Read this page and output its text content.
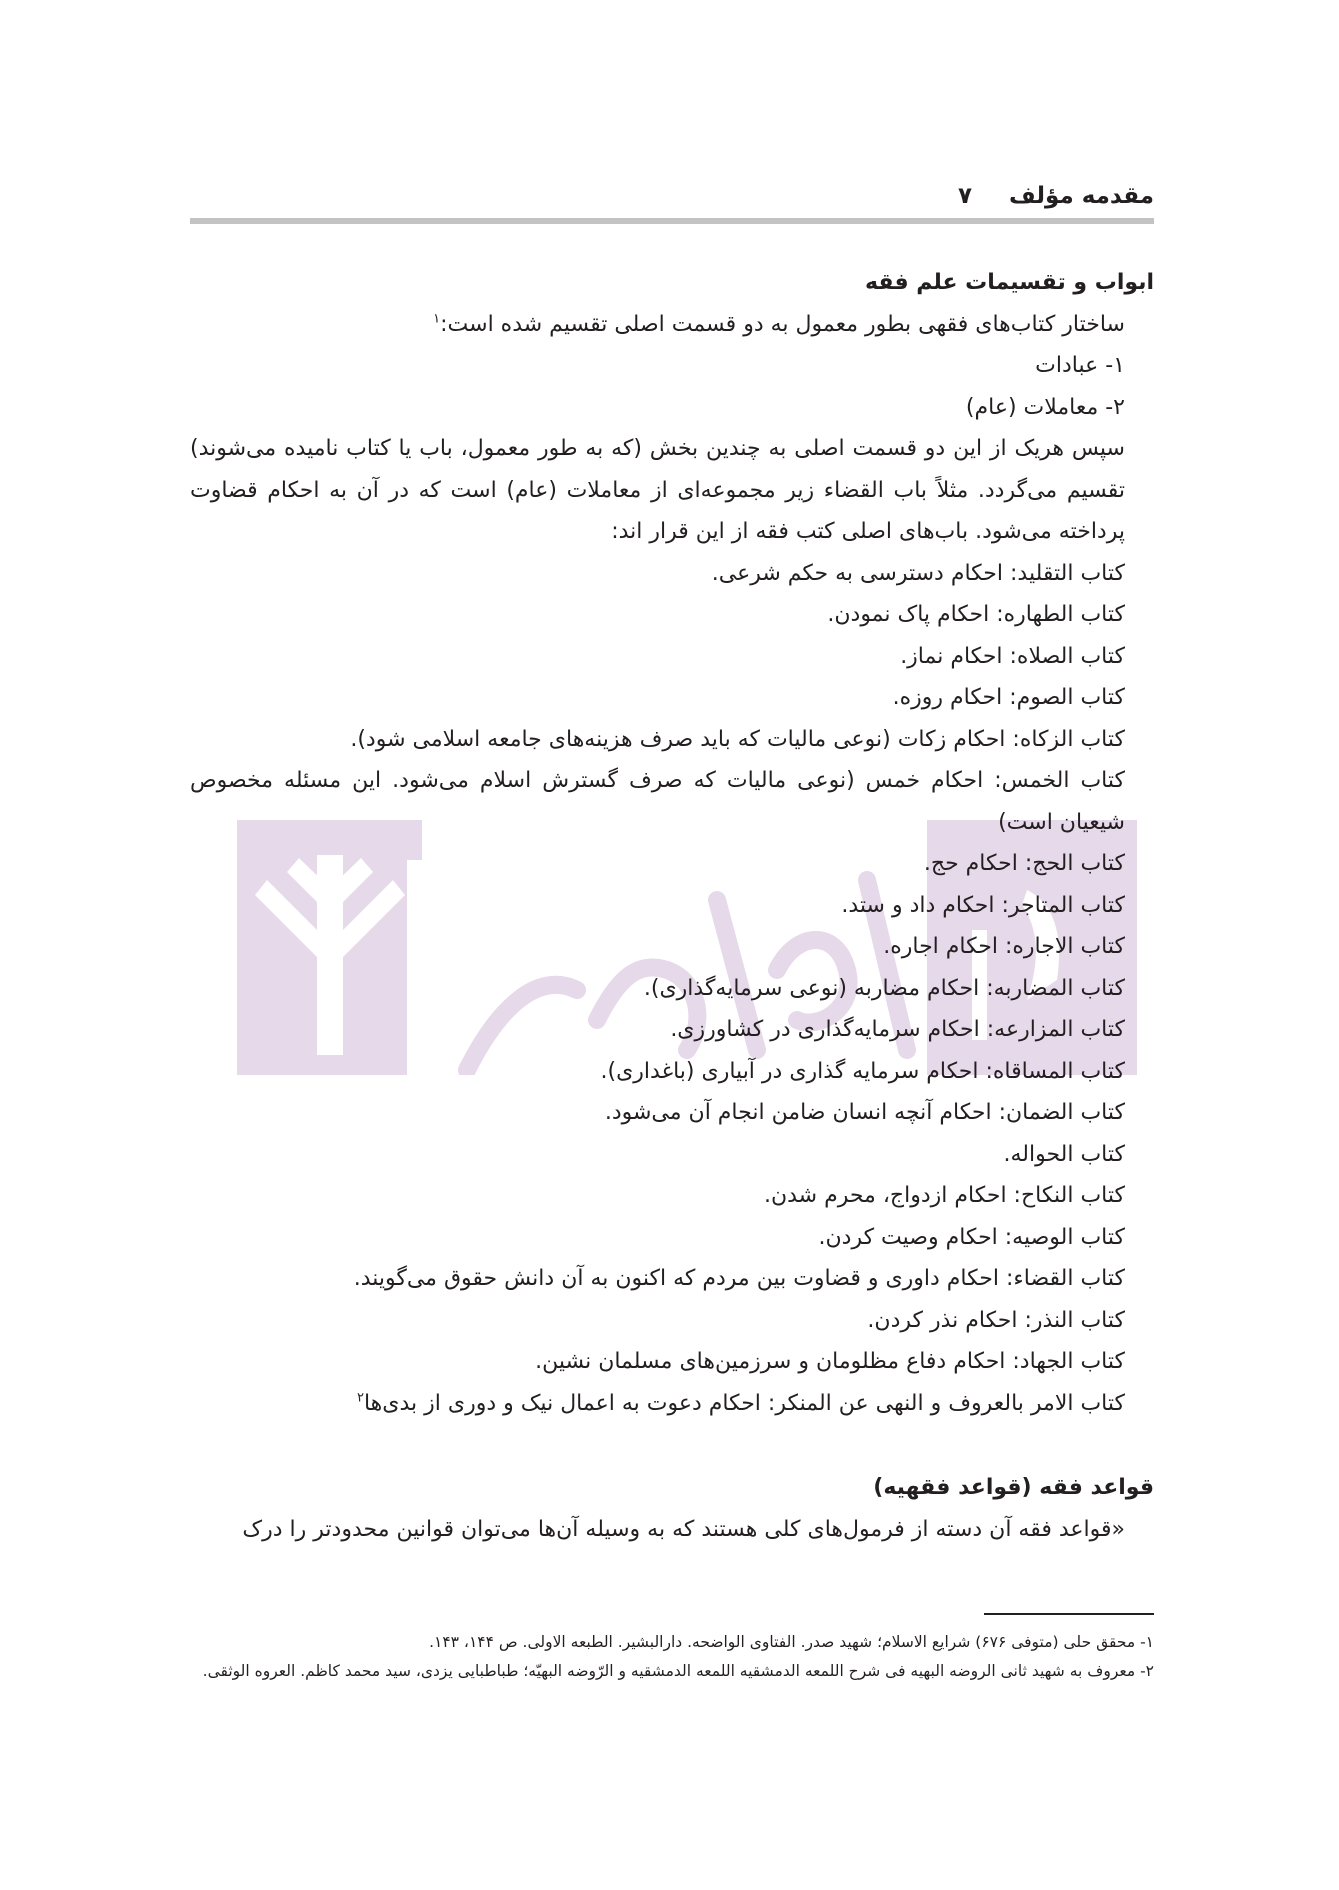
مقدمه مؤلف
۷

ابواب و تقسیمات علم فقه

ساختار کتاب‌های فقهی بطور معمول به دو قسمت اصلی تقسیم شده است:$^۱$

۱- عبادات

۲- معاملات (عام)

سپس هریک از این دو قسمت اصلی به چندین بخش (که به طور معمول، باب یا کتاب نامیده می‌شوند) تقسیم می‌گردد. مثلاً باب القضاء زیر مجموعه‌ای از معاملات (عام) است که در آن به احکام قضاوت پرداخته می‌شود. باب‌های اصلی کتب فقه از این قرار اند:

کتاب التقلید: احکام دسترسی به حکم شرعی.

کتاب الطهاره: احکام پاک نمودن.

کتاب الصلاه: احکام نماز.

کتاب الصوم: احکام روزه.

کتاب الزکاه: احکام زکات (نوعی مالیات که باید صرف هزینه‌های جامعه اسلامی شود).

کتاب الخمس: احکام خمس (نوعی مالیات که صرف گسترش اسلام می‌شود. این مسئله مخصوص شیعیان است)

کتاب الحج: احکام حج.

کتاب المتاجر: احکام داد و ستد.

کتاب الاجاره: احکام اجاره.

کتاب المضاربه: احکام مضاربه (نوعی سرمایه‌گذاری).

کتاب المزارعه: احکام سرمایه‌گذاری در کشاورزی.

کتاب المساقاه: احکام سرمایه گذاری در آبیاری (باغداری).

کتاب الضمان: احکام آنچه انسان ضامن انجام آن می‌شود.

کتاب الحواله.

کتاب النکاح: احکام ازدواج، محرم شدن.

کتاب الوصیه: احکام وصیت کردن.

کتاب القضاء: احکام داوری و قضاوت بین مردم که اکنون به آن دانش حقوق می‌گویند.

کتاب النذر: احکام نذر کردن.

کتاب الجهاد: احکام دفاع مظلومان و سرزمین‌های مسلمان نشین.

کتاب الامر بالعروف و النهی عن المنکر: احکام دعوت به اعمال نیک و دوری از بدی‌ها$^۲$

قواعد فقه (قواعد فقهیه)

«قواعد فقه آن دسته از فرمول‌های کلی هستند که به وسیله آن‌ها می‌توان قوانین محدودتر را درک

۱- محقق حلی (متوفی ۶۷۶) شرایع الاسلام؛ شهید صدر. الفتاوی الواضحه. دارالبشیر. الطبعه الاولی. ص ۱۴۴، ۱۴۳.

۲- معروف به شهید ثانی الروضه البهیه فی شرح اللمعه الدمشقیه اللمعه الدمشقیه و الرّوضه البهیّه؛ طباطبایی یزدی، سید محمد کاظم. العروه الوثقی.
